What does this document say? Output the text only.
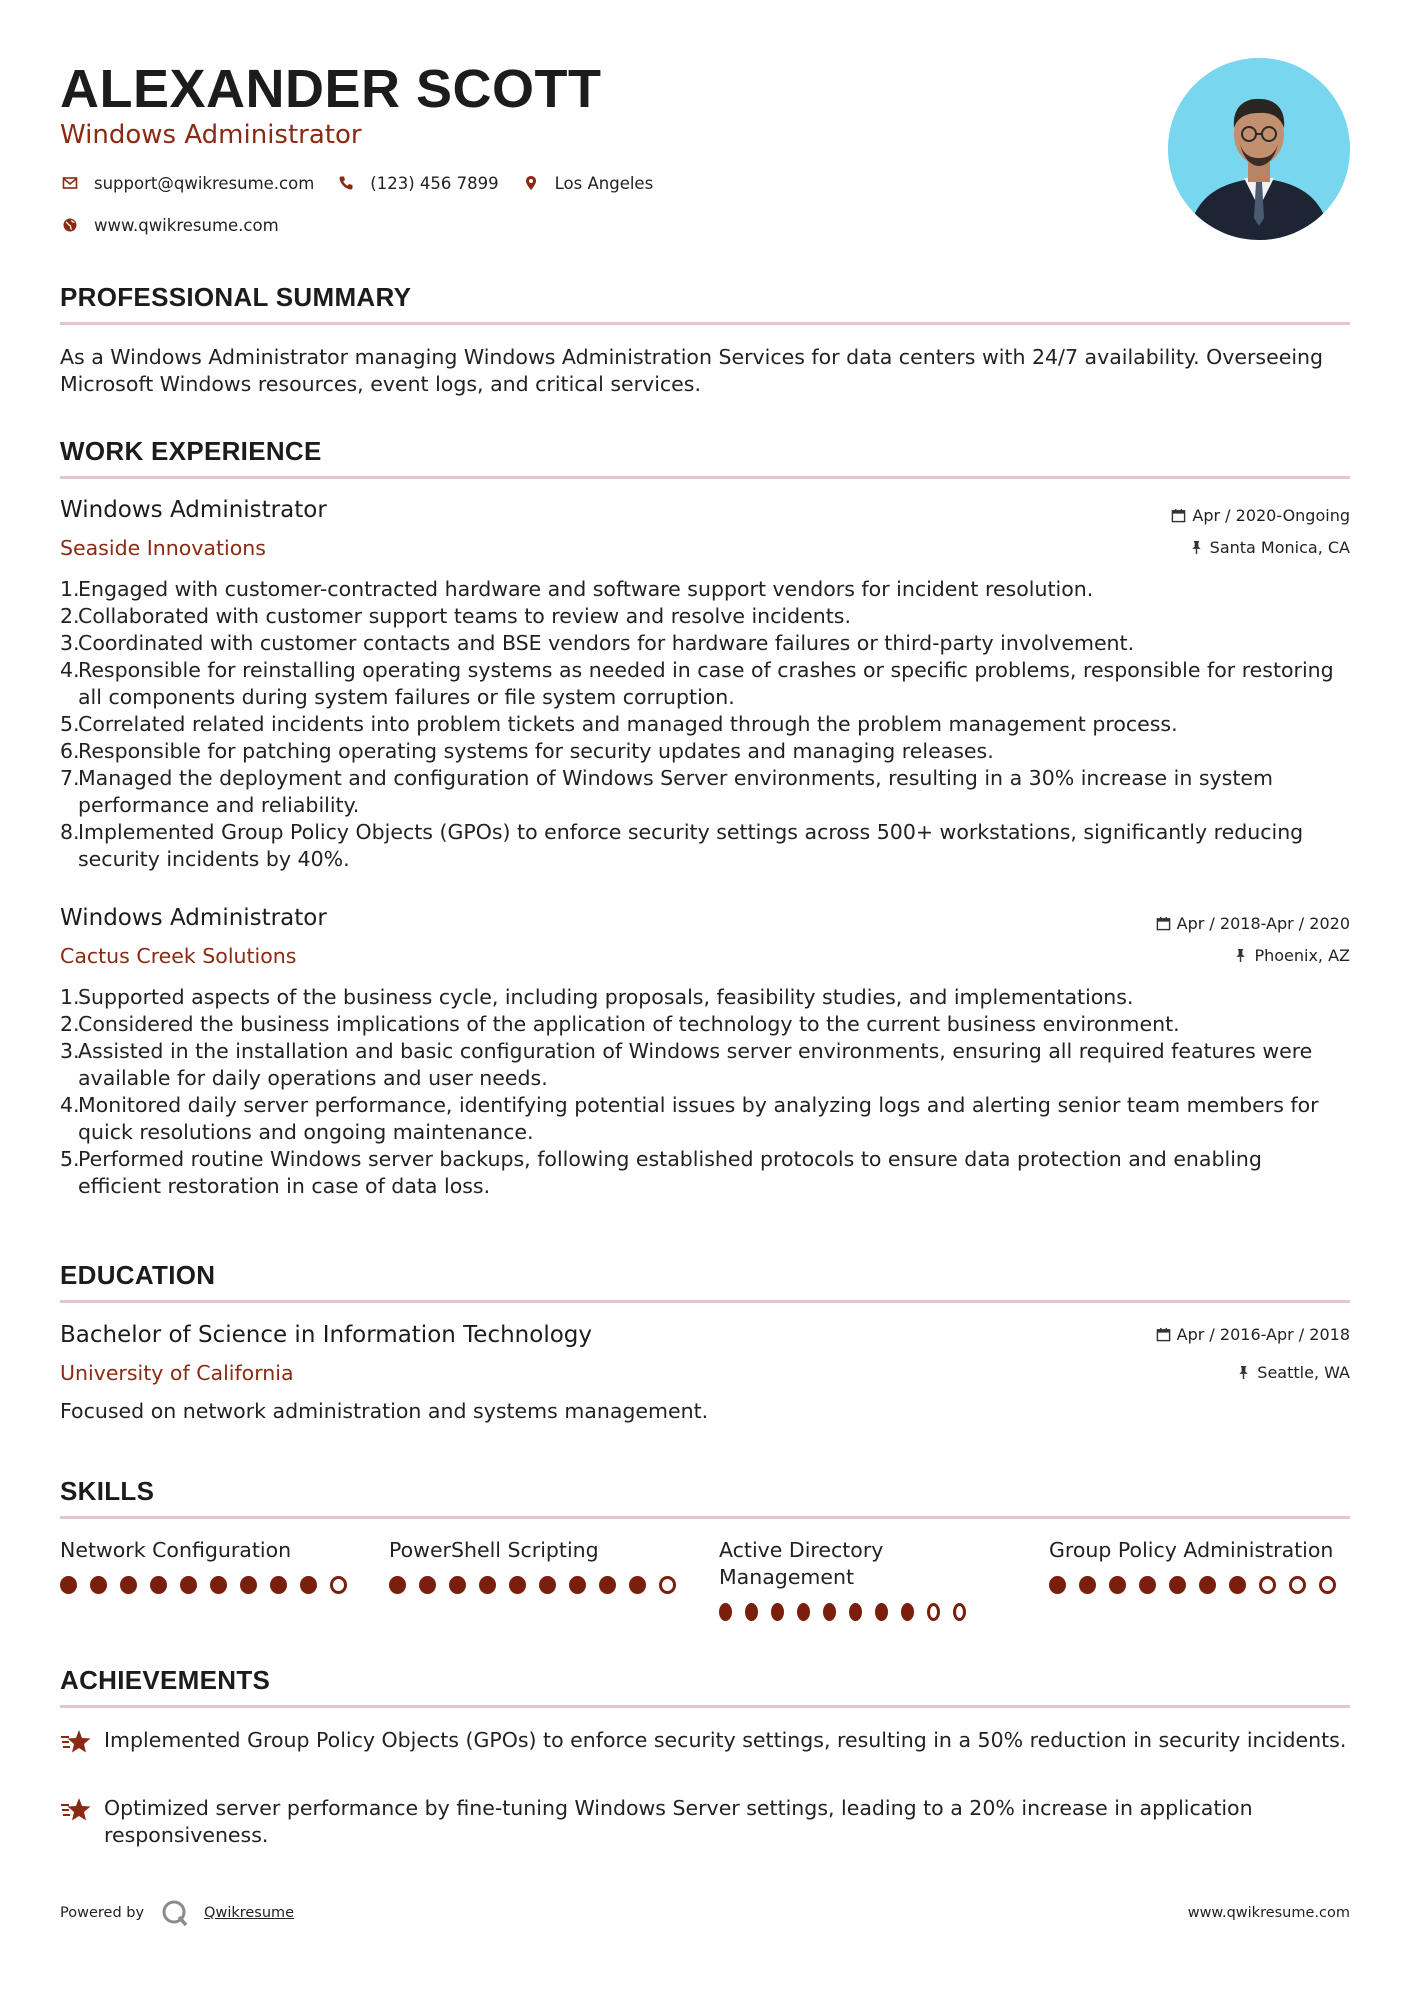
ALEXANDER SCOTT
Windows Administrator
support@qwikresume.com	(123) 456 7899	Los Angeles
www.qwikresume.com
PROFESSIONAL SUMMARY
As a Windows Administrator managing Windows Administration Services for data centers with 24/7 availability. Overseeing Microsoft Windows resources, event logs, and critical services.
WORK EXPERIENCE
Windows Administrator	Apr / 2020-Ongoing
Seaside Innovations	Santa Monica, CA
Engaged with customer-contracted hardware and software support vendors for incident resolution.
Collaborated with customer support teams to review and resolve incidents.
Coordinated with customer contacts and BSE vendors for hardware failures or third-party involvement.
Responsible for reinstalling operating systems as needed in case of crashes or specific problems, responsible for restoring all components during system failures or file system corruption.
Correlated related incidents into problem tickets and managed through the problem management process.
Responsible for patching operating systems for security updates and managing releases.
Managed the deployment and configuration of Windows Server environments, resulting in a 30% increase in system performance and reliability.
Implemented Group Policy Objects (GPOs) to enforce security settings across 500+ workstations, significantly reducing security incidents by 40%.
Windows Administrator	Apr / 2018-Apr / 2020
Cactus Creek Solutions	Phoenix, AZ
Supported aspects of the business cycle, including proposals, feasibility studies, and implementations.
Considered the business implications of the application of technology to the current business environment.
Assisted in the installation and basic configuration of Windows server environments, ensuring all required features were available for daily operations and user needs.
Monitored daily server performance, identifying potential issues by analyzing logs and alerting senior team members for quick resolutions and ongoing maintenance.
Performed routine Windows server backups, following established protocols to ensure data protection and enabling efficient restoration in case of data loss.
EDUCATION
Bachelor of Science in Information Technology	Apr / 2016-Apr / 2018
University of California	Seattle, WA
Focused on network administration and systems management.
SKILLS
Network Configuration	PowerShell Scripting	Active Directory Management
Group Policy Administration
ACHIEVEMENTS
Implemented Group Policy Objects (GPOs) to enforce security settings, resulting in a 50% reduction in security incidents.
Optimized server performance by fine-tuning Windows Server settings, leading to a 20% increase in application responsiveness.
Powered by	Qwikresume	www.qwikresume.com
